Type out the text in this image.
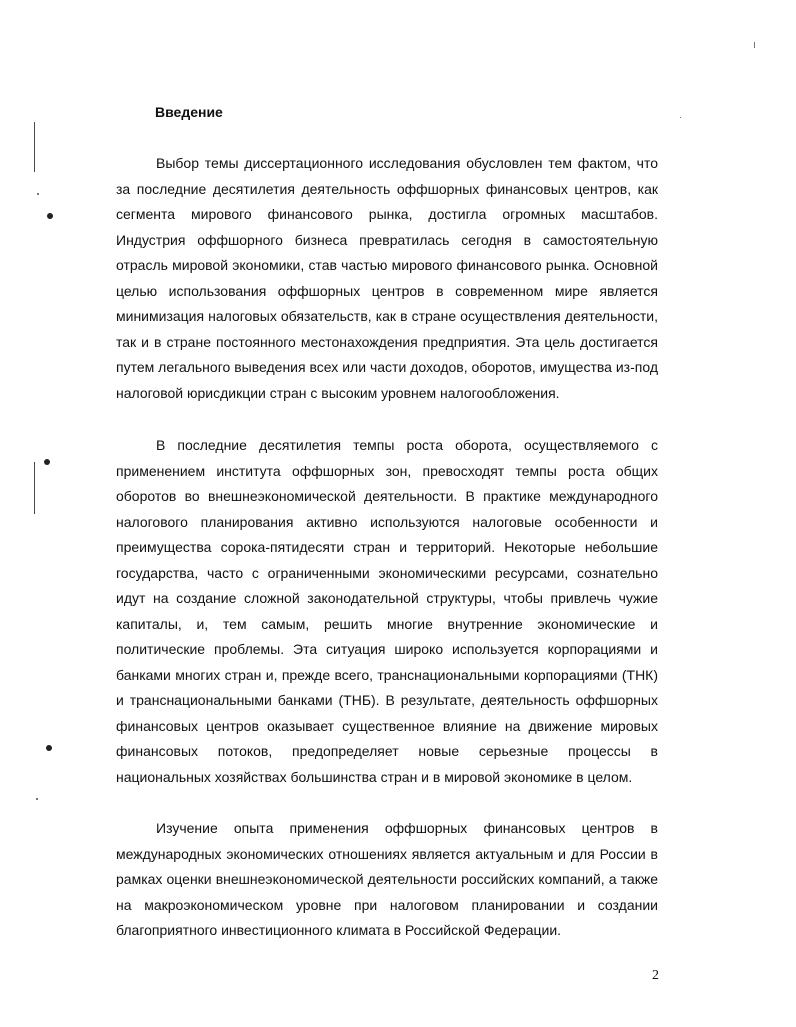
Введение

Выбор темы диссертационного исследования обусловлен тем фактом, что за последние десятилетия деятельность оффшорных финансовых центров, как сегмента мирового финансового рынка, достигла огромных масштабов. Индустрия оффшорного бизнеса превратилась сегодня в самостоятельную отрасль мировой экономики, став частью мирового финансового рынка. Основной целью использования оффшорных центров в современном мире является минимизация налоговых обязательств, как в стране осуществления деятельности, так и в стране постоянного местонахождения предприятия. Эта цель достигается путем легального выведения всех или части доходов, оборотов, имущества из-под налоговой юрисдикции стран с высоким уровнем налогообложения.

В последние десятилетия темпы роста оборота, осуществляемого с применением института оффшорных зон, превосходят темпы роста общих оборотов во внешнеэкономической деятельности. В практике международного налогового планирования активно используются налоговые особенности и преимущества сорока-пятидесяти стран и территорий. Некоторые небольшие государства, часто с ограниченными экономическими ресурсами, сознательно идут на создание сложной законодательной структуры, чтобы привлечь чужие капиталы, и, тем самым, решить многие внутренние экономические и политические проблемы. Эта ситуация широко используется корпорациями и банками многих стран и, прежде всего, транснациональными корпорациями (ТНК) и транснациональными банками (ТНБ). В результате, деятельность оффшорных финансовых центров оказывает существенное влияние на движение мировых финансовых потоков, предопределяет новые серьезные процессы в национальных хозяйствах большинства стран и в мировой экономике в целом.

Изучение опыта применения оффшорных финансовых центров в международных экономических отношениях является актуальным и для России в рамках оценки внешнеэкономической деятельности российских компаний, а также на макроэкономическом уровне при налоговом планировании и создании благоприятного инвестиционного климата в Российской Федерации.

2
